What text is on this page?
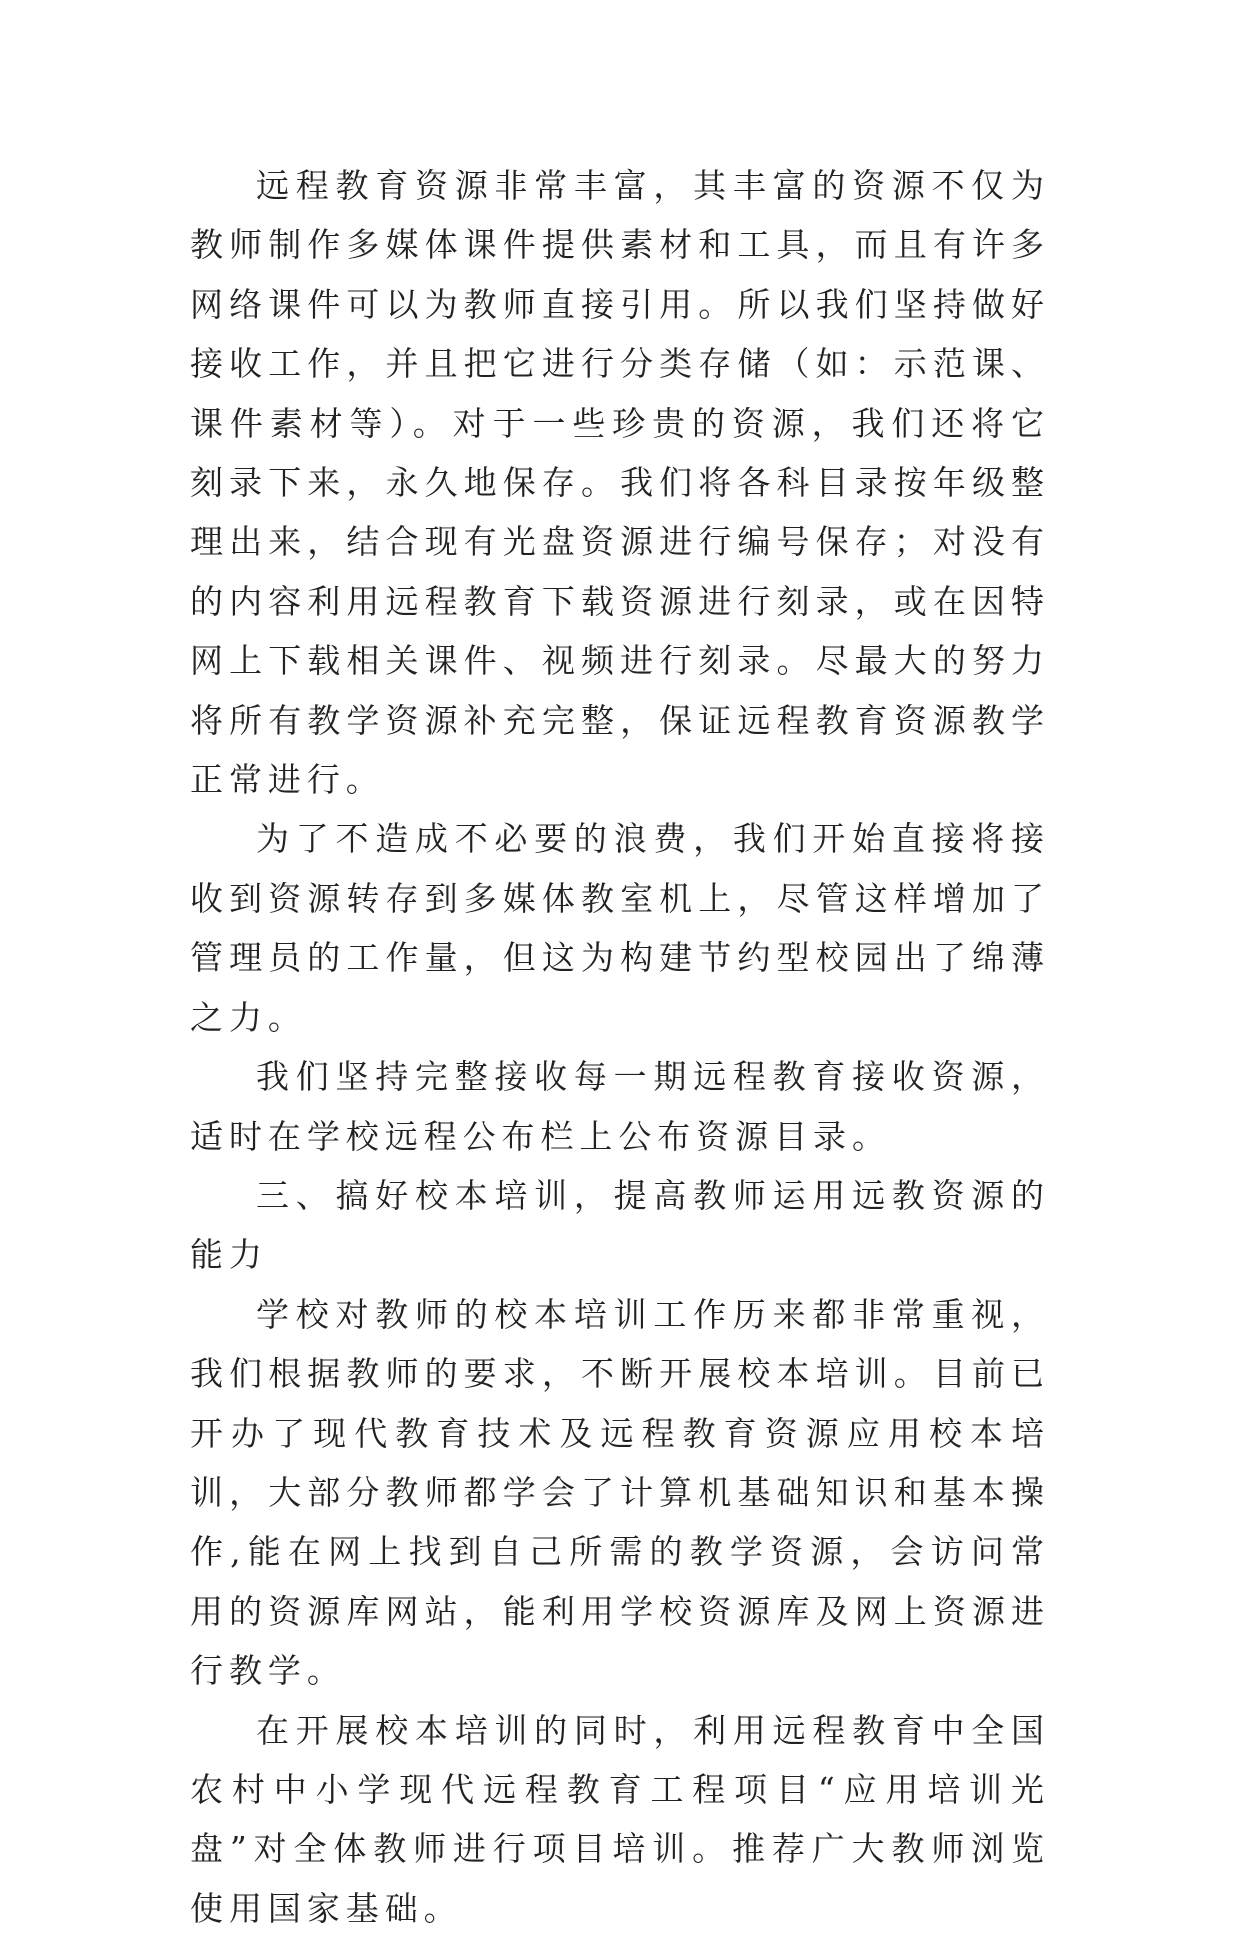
远程教育资源非常丰富，其丰富的资源不仅为教师制作多媒体课件提供素材和工具，而且有许多网络课件可以为教师直接引用。所以我们坚持做好接收工作，并且把它进行分类存储（如：示范课、课件素材等）。对于一些珍贵的资源，我们还将它刻录下来，永久地保存。我们将各科目录按年级整理出来，结合现有光盘资源进行编号保存；对没有的内容利用远程教育下载资源进行刻录，或在因特网上下载相关课件、视频进行刻录。尽最大的努力将所有教学资源补充完整，保证远程教育资源教学正常进行。

为了不造成不必要的浪费，我们开始直接将接收到资源转存到多媒体教室机上，尽管这样增加了管理员的工作量，但这为构建节约型校园出了绵薄之力。

我们坚持完整接收每一期远程教育接收资源，适时在学校远程公布栏上公布资源目录。

三、搞好校本培训，提高教师运用远教资源的能力

学校对教师的校本培训工作历来都非常重视，我们根据教师的要求，不断开展校本培训。目前已开办了现代教育技术及远程教育资源应用校本培训，大部分教师都学会了计算机基础知识和基本操作,能在网上找到自己所需的教学资源，会访问常用的资源库网站，能利用学校资源库及网上资源进行教学。

在开展校本培训的同时，利用远程教育中全国农村中小学现代远程教育工程项目“应用培训光盘”对全体教师进行项目培训。推荐广大教师浏览使用国家基础。
